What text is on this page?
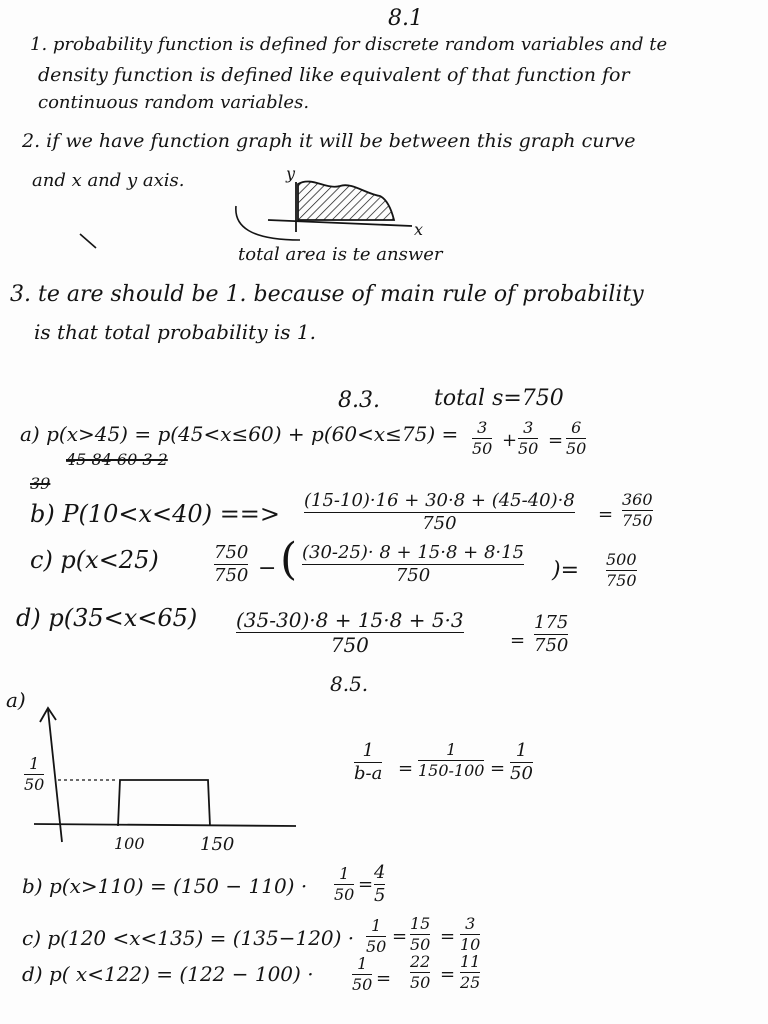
8.1
1. probability function is defined for discrete random variables and te
density function is defined like equivalent of that function for
continuous random variables.
2. if we have function graph it will be between this graph curve
and x and y axis.	y
x
total area is te answer
3. te are should be 1. because of main rule of probability
is that total probability is 1.
8.3. total s=750
a) p(x>45) = p(45<x≤60) + p(60<x≤75) = 3
50 +
3
50 =
6
50
45 84 60 3 2
39
b) P(10<x<40) ==> (15-10)·16 + 30·8 + (45-40)·8
750	=
360
750
c) p(x<25)	750
750 − ( (30-25)· 8 + 15·8 + 8·15
750	)= 500
750
d) p(35<x<65) (35-30)·8 + 15·8 + 5·3
750	=
175
750
8.5.
a)
1
50
100	150
1
b-a =
1
150-100 =
1
50
b) p(x>110) = (150 − 110) ·
1
50 =
4
5
c) p(120 <x<135) = (135−120) ·
1
50 =
15
50 =
3
10
d) p( x<122) = (122 − 100) ·	1
50 =
22
50 =
11
25
